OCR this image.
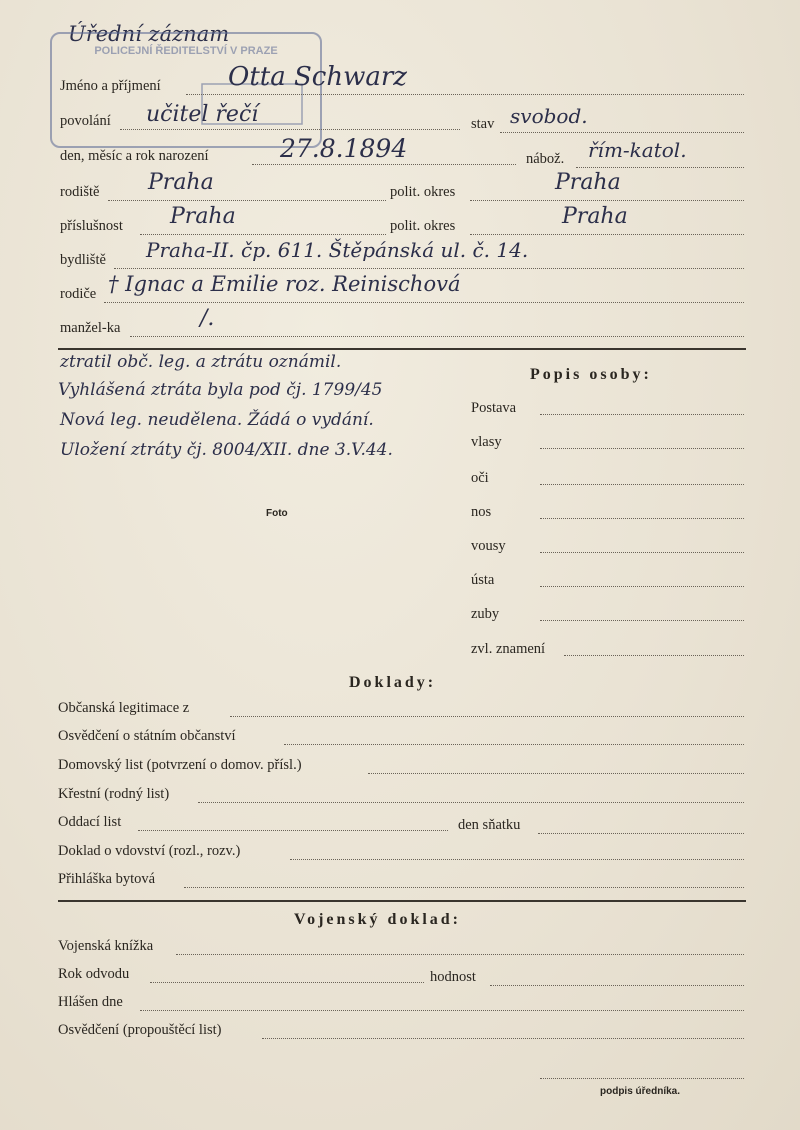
Úřední záznam
POLICEJNÍ ŘEDITELSTVÍ V PRAZE
Jméno a příjmení	Otta Schwarz
povolání učitel řečí	stav svobod.
den, měsíc a rok narození	27.8.1894	nábož. řím-katol.
rodiště Praha	polit. okres	Praha
příslušnost Praha	polit. okres	Praha
bydliště Praha-II. čp. 611. Štěpánská ul. č. 14.
rodiče † Ignac a Emilie roz. Reinischová
manžel-ka	/.
ztratil obč. leg. a ztrátu oznámil.
Vyhlášená ztráta byla pod čj. 1799/45
Nová leg. neudělena. Žádá o vydání.
Uložení ztráty čj. 8004/XII. dne 3.V.44.
Foto
Popis osoby:
Postava
vlasy
oči
nos
vousy
ústa
zuby
zvl. znamení
Doklady:
Občanská legitimace z
Osvědčení o státním občanství
Domovský list (potvrzení o domov. přísl.)
Křestní (rodný list)
Oddací list	den sňatku
Doklad o vdovství (rozl., rozv.)
Přihláška bytová
Vojenský doklad:
Vojenská knížka
Rok odvodu	hodnost
Hlášen dne
Osvědčení (propouštěcí list)
podpis úředníka.
